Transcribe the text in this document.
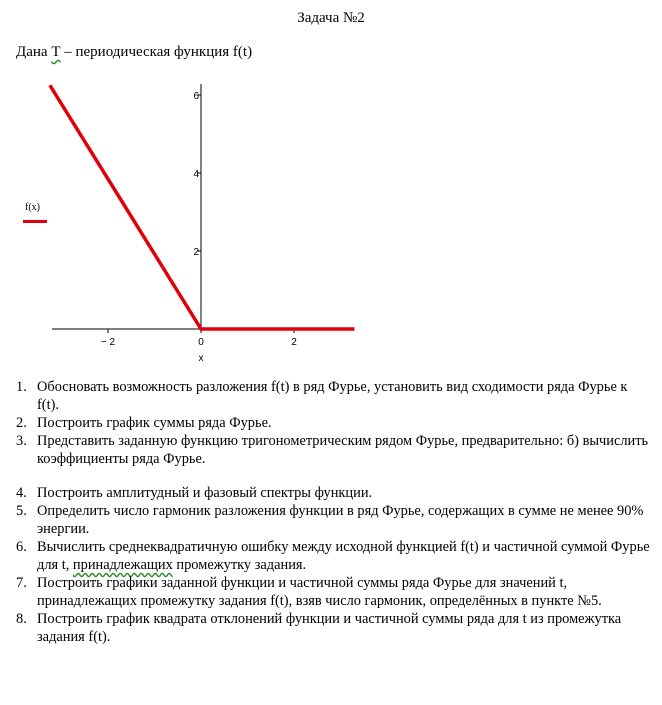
Задача №2
Дана Т – периодическая функция f(t)
− 2	0	2
2
4
6
x
f(x)
1. Обосновать возможность разложения f(t) в ряд Фурье, установить вид сходимости ряда Фурье к f(t).
2. Построить график суммы ряда Фурье.
3. Представить заданную функцию тригонометрическим рядом Фурье, предварительно: б) вычислить коэффициенты ряда Фурье.
4. Построить амплитудный и фазовый спектры функции.
5. Определить число гармоник разложения функции в ряд Фурье, содержащих в сумме не менее 90% энергии.
6. Вычислить среднеквадратичную ошибку между исходной функцией f(t) и частичной суммой Фурье для t, принадлежащих промежутку задания.
7. Построить графики заданной функции и частичной суммы ряда Фурье для значений t, принадлежащих промежутку задания f(t), взяв число гармоник, определённых в пункте №5.
8. Построить график квадрата отклонений функции и частичной суммы ряда для t из промежутка задания f(t).
